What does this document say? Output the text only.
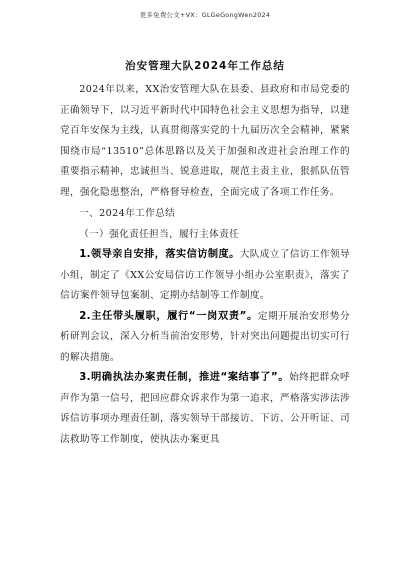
更多免费公文+VX：GLGeGongWen2024
治安管理大队2024年工作总结

2024年以来，XX治安管理大队在县委、县政府和市局党委的正确领导下，以习近平新时代中国特色社会主义思想为指导，以建党百年安保为主线，认真贯彻落实党的十九届历次全会精神，紧紧围绕市局“13510”总体思路以及关于加强和改进社会治理工作的重要指示精神，忠诚担当、锐意进取，规范主责主业，狠抓队伍管理，强化隐患整治，严格督导检查，全面完成了各项工作任务。

一、2024年工作总结

（一）强化责任担当，履行主体责任

1.领导亲自安排，落实信访制度。大队成立了信访工作领导小组，制定了《XX公安局信访工作领导小组办公室职责》，落实了信访案件领导包案制、定期办结制等工作制度。

2.主任带头履职，履行“一岗双责”。定期开展治安形势分析研判会议，深入分析当前治安形势，针对突出问题提出切实可行的解决措施。

3.明确执法办案责任制，推进“案结事了”。始终把群众呼声作为第一信号，把回应群众诉求作为第一追求，严格落实涉法涉诉信访事项办理责任制，落实领导干部接访、下访、公开听证、司法救助等工作制度，使执法办案更具
